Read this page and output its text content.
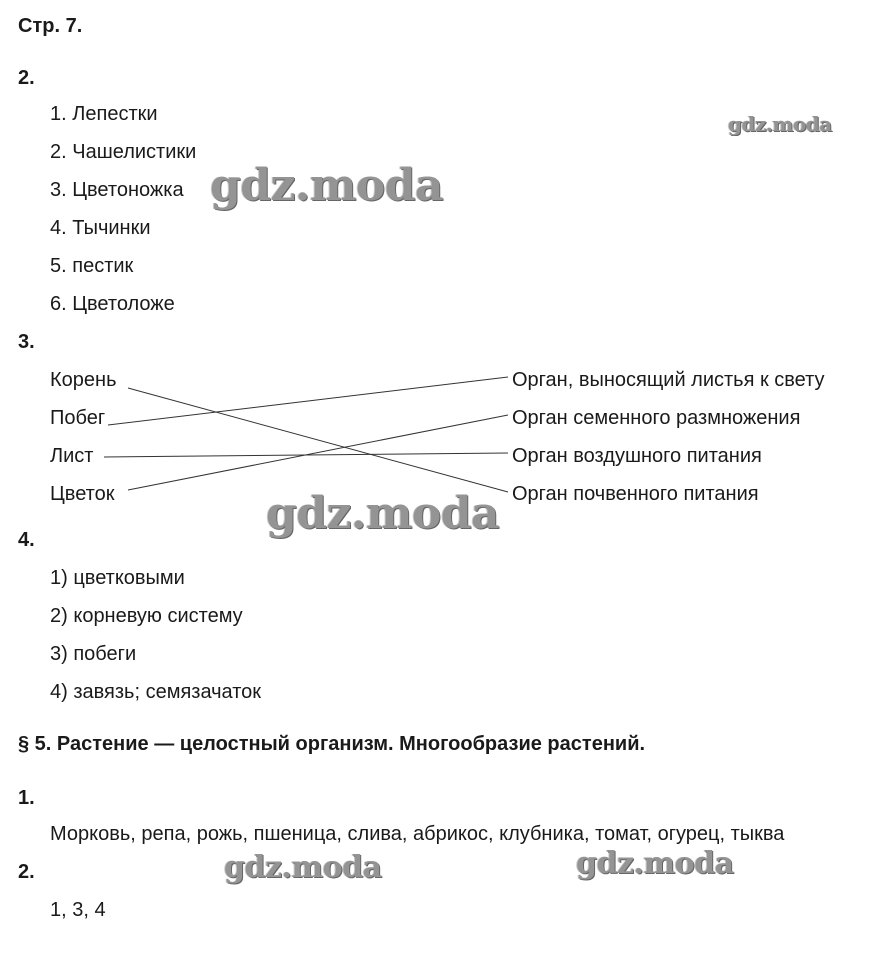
Стр. 7.
2.
1. Лепестки
2. Чашелистики
3. Цветоножка
4. Тычинки
5. пестик
6. Цветоложе
3.
Корень
Побег
Лист
Цветок
Орган, выносящий листья к свету
Орган семенного размножения
Орган воздушного питания
Орган почвенного питания
4.
1) цветковыми
2) корневую систему
3) побеги
4) завязь; семязачаток
§ 5. Растение — целостный организм. Многообразие растений.
1.
Морковь, репа, рожь, пшеница, слива, абрикос, клубника, томат, огурец, тыква
2.
1, 3, 4
gdz.moda
gdz.moda
gdz.moda
gdz.moda	gdz.moda
